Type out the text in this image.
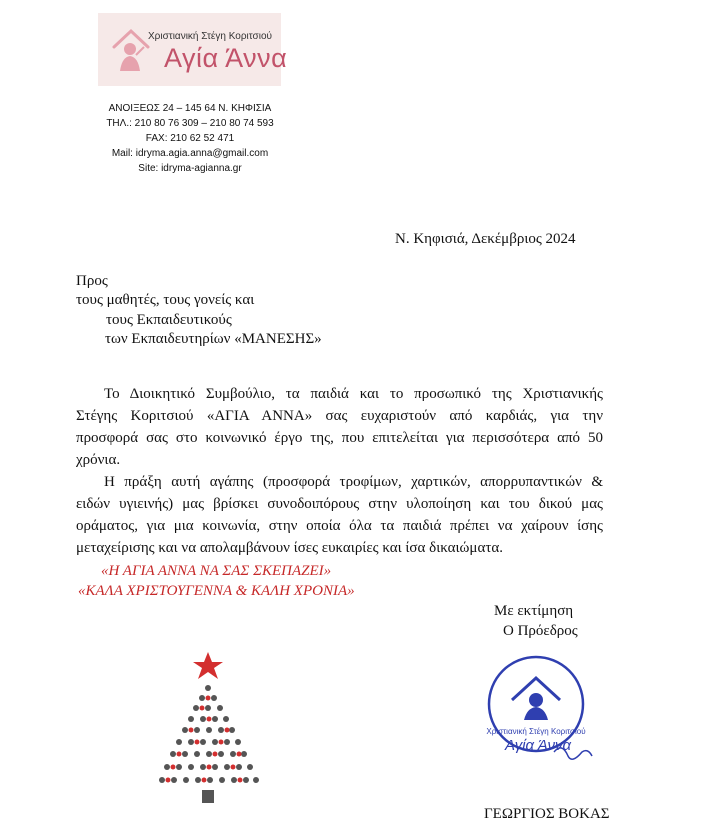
Χριστιανική Στέγη Κοριτσιού
Αγία Άννα
ΑΝΟΙΞΕΩΣ 24 – 145 64 Ν. ΚΗΦΙΣΙΑ
ΤΗΛ.: 210 80 76 309 – 210 80 74 593
FAX: 210 62 52 471
Mail: idryma.agia.anna@gmail.com
Site: idryma-agianna.gr
Ν. Κηφισιά, Δεκέμβριος 2024
Προς
τους μαθητές, τους γονείς και
τους Εκπαιδευτικούς
των Εκπαιδευτηρίων «ΜΑΝΕΣΗΣ»
Το Διοικητικό Συμβούλιο, τα παιδιά και το προσωπικό της Χριστιανικής
Στέγης Κοριτσιού «ΑΓΙΑ ΑΝΝΑ» σας ευχαριστούν από καρδιάς, για την
προσφορά σας στο κοινωνικό έργο της, που επιτελείται για περισσότερα από 50
χρόνια.
Η πράξη αυτή αγάπης (προσφορά τροφίμων, χαρτικών, απορρυπαντικών &
ειδών υγιεινής) μας βρίσκει συνοδοιπόρους στην υλοποίηση και του δικού μας
οράματος, για μια κοινωνία, στην οποία όλα τα παιδιά πρέπει να χαίρουν ίσης
μεταχείρισης και να απολαμβάνουν ίσες ευκαιρίες και ίσα δικαιώματα.
«Η ΑΓΙΑ ΑΝΝΑ ΝΑ ΣΑΣ ΣΚΕΠΑΖΕΙ»
«ΚΑΛΑ ΧΡΙΣΤΟΥΓΕΝΝΑ & ΚΑΛΗ ΧΡΟΝΙΑ»
Με εκτίμηση
Ο Πρόεδρος
Χριστιανική Στέγη Κοριτσιού
Αγία Άννα
ΓΕΩΡΓΙΟΣ ΒΟΚΑΣ
